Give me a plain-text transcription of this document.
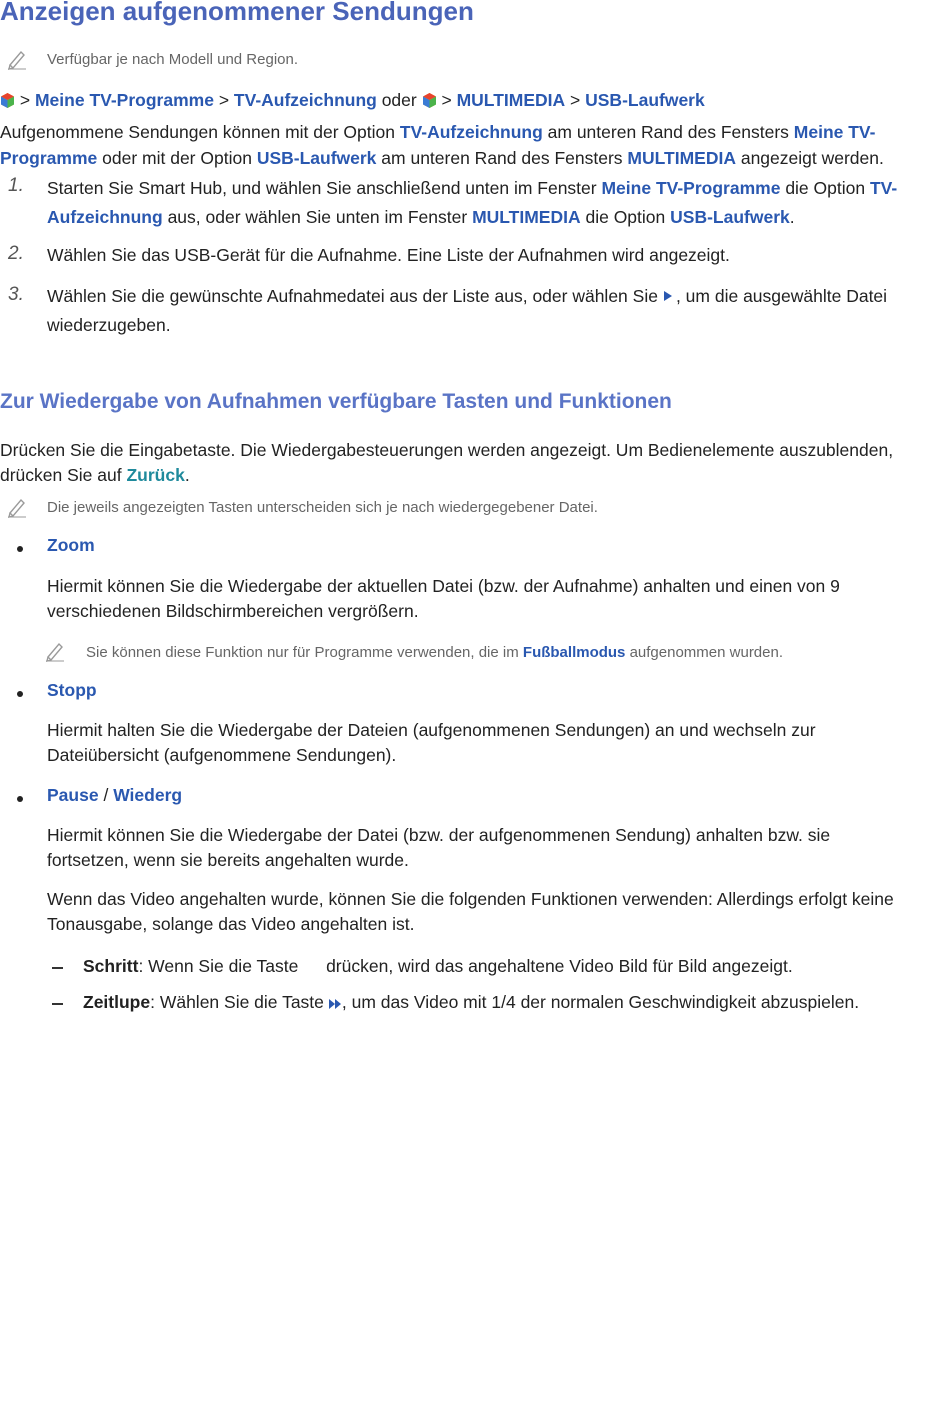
Anzeigen aufgenommener Sendungen
Verfügbar je nach Modell und Region.
> Meine TV-Programme > TV-Aufzeichnung oder > MULTIMEDIA > USB-Laufwerk
Aufgenommene Sendungen können mit der Option TV-Aufzeichnung am unteren Rand des Fensters Meine TV-
Programme oder mit der Option USB-Laufwerk am unteren Rand des Fensters MULTIMEDIA angezeigt werden.
1. Starten Sie Smart Hub, und wählen Sie anschließend unten im Fenster Meine TV-Programme die Option TV-
Aufzeichnung aus, oder wählen Sie unten im Fenster MULTIMEDIA die Option USB-Laufwerk.
2. Wählen Sie das USB-Gerät für die Aufnahme. Eine Liste der Aufnahmen wird angezeigt.
3. Wählen Sie die gewünschte Aufnahmedatei aus der Liste aus, oder wählen Sie , um die ausgewählte Datei
wiederzugeben.
Zur Wiedergabe von Aufnahmen verfügbare Tasten und Funktionen
Drücken Sie die Eingabetaste. Die Wiedergabesteuerungen werden angezeigt. Um Bedienelemente auszublenden,
drücken Sie auf Zurück.
Die jeweils angezeigten Tasten unterscheiden sich je nach wiedergegebener Datei.
Zoom
Hiermit können Sie die Wiedergabe der aktuellen Datei (bzw. der Aufnahme) anhalten und einen von 9
verschiedenen Bildschirmbereichen vergrößern.
Sie können diese Funktion nur für Programme verwenden, die im Fußballmodus aufgenommen wurden.
Stopp
Hiermit halten Sie die Wiedergabe der Dateien (aufgenommenen Sendungen) an und wechseln zur
Dateiübersicht (aufgenommene Sendungen).
Pause / Wiederg
Hiermit können Sie die Wiedergabe der Datei (bzw. der aufgenommenen Sendung) anhalten bzw. sie
fortsetzen, wenn sie bereits angehalten wurde.
Wenn das Video angehalten wurde, können Sie die folgenden Funktionen verwenden: Allerdings erfolgt keine
Tonausgabe, solange das Video angehalten ist.
Schritt: Wenn Sie die Taste drücken, wird das angehaltene Video Bild für Bild angezeigt.
Zeitlupe: Wählen Sie die Taste , um das Video mit 1/4 der normalen Geschwindigkeit abzuspielen.
